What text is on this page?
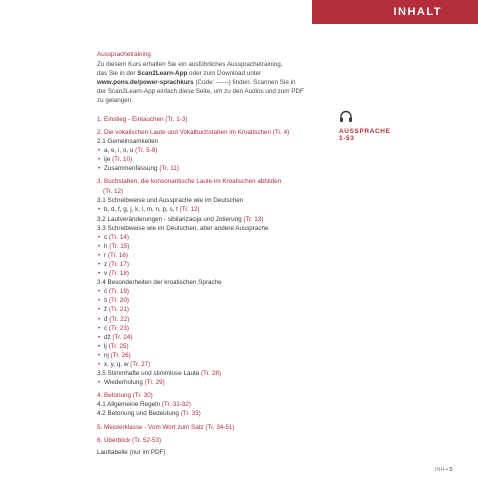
INHALT
Aussprachetraining

Zu diesem Kurs erhalten Sie ein ausführliches Aussprachetraining,

das Sie in der Scan2Learn-App oder zum Download unter

www.pons.de/power-sprachkurs (Code: ------) finden. Scannen Sie in

der Scan2Learn-App einfach diese Seite, um zu den Audios und zum PDF

zu gelangen.

1. Einstieg - Eintauchen (Tr. 1-3)
2. Die vokalischen Laute und Vokalbuchstaben im Kroatischen (Tr. 4)
2.1 Gemeinsamkeiten
• a, e, i, o, u (Tr. 5-9)
• ije (Tr. 10)
• Zusammenfassung (Tr. 11)
3. Buchstaben, die konsonantische Laute im Kroatischen abbilden
(Tr. 12)
3.1 Schreibweise und Aussprache wie im Deutschen
• b, d, f, g, j, k, l, m, n, p, s, t (Tr. 12)
3.2 Lautveränderungen - sibilarizacija und Jotierung (Tr. 13)
3.3 Schreibweise wie im Deutschen, aber andere Aussprache
• c (Tr. 14)
• h (Tr. 15)
• r (Tr. 16)
• z (Tr. 17)
• v (Tr. 18)
3.4 Besonderheiten der kroatischen Sprache
• č (Tr. 19)
• š (Tr. 20)
• ž (Tr. 21)
• đ (Tr. 22)
• ć (Tr. 23)
• dž (Tr. 24)
• lj (Tr. 25)
• nj (Tr. 26)
• x, y, q, w (Tr. 27)
3.5 Stimmhafte und stimmlose Laute (Tr. 28)
• Wiederholung (Tr. 29)
4. Betonung (Tr. 30)
4.1 Allgemeine Regeln (Tr. 31-32)
4.2 Betonung und Bedeutung (Tr. 33)
5. Meisterklasse - Vom Wort zum Satz (Tr. 34-51)
6. Überblick (Tr. 52-53)
Lauttabelle (nur im PDF)
AUSSPRACHE
1-53
INH • 5
